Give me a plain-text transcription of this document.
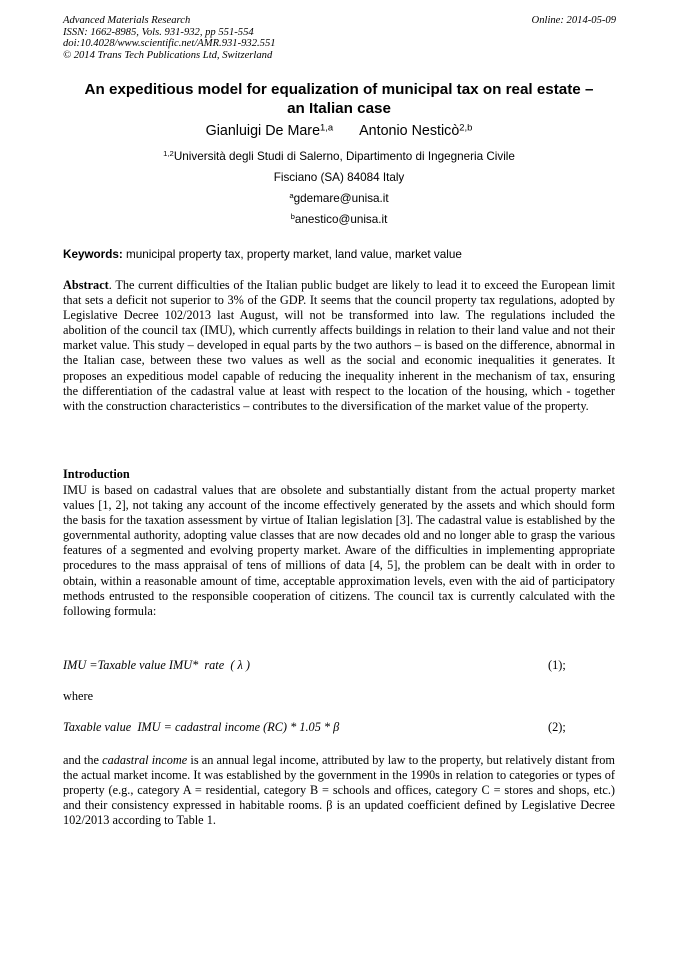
Advanced Materials Research
ISSN: 1662-8985, Vols. 931-932, pp 551-554
doi:10.4028/www.scientific.net/AMR.931-932.551
© 2014 Trans Tech Publications Ltd, Switzerland
Online: 2014-05-09
An expeditious model for equalization of municipal tax on real estate –
an Italian case
Gianluigi De Mare$^{1,a}$ Antonio Nesticò$^{2,b}$
$^{1,2}$Università degli Studi di Salerno, Dipartimento di Ingegneria Civile
Fisciano (SA) 84084 Italy
$^a$gdemare@unisa.it
$^b$anestico@unisa.it
Keywords: municipal property tax, property market, land value, market value
Abstract. The current difficulties of the Italian public budget are likely to lead it to exceed the European limit that sets a deficit not superior to 3% of the GDP. It seems that the council property tax regulations, adopted by Legislative Decree 102/2013 last August, will not be transformed into law. The regulations included the abolition of the council tax (IMU), which currently affects buildings in relation to their land value and not their market value. This study – developed in equal parts by the two authors – is based on the difference, abnormal in the Italian case, between these two values as well as the social and economic inequalities it generates. It proposes an expeditious model capable of reducing the inequality inherent in the mechanism of tax, ensuring the differentiation of the cadastral value at least with respect to the location of the housing, which - together with the construction characteristics – contributes to the diversification of the market value of the property.
Introduction
IMU is based on cadastral values that are obsolete and substantially distant from the actual property market values [1, 2], not taking any account of the income effectively generated by the assets and which should form the basis for the taxation assessment by virtue of Italian legislation [3]. The cadastral value is established by the governmental authority, adopting value classes that are now decades old and no longer able to grasp the various features of a segmented and evolving property market. Aware of the difficulties in implementing appropriate procedures to the mass appraisal of tens of millions of data [4, 5], the problem can be dealt with in order to obtain, within a reasonable amount of time, acceptable approximation levels, even with the aid of participatory methods entrusted to the responsible cooperation of citizens. The council tax is currently calculated with the following formula:
IMU =Taxable value IMU*  rate  ( λ )	(1);
where
Taxable value  IMU = cadastral income (RC) * 1.05 * β	(2);
and the cadastral income is an annual legal income, attributed by law to the property, but relatively distant from the actual market income. It was established by the government in the 1990s in relation to categories or types of property (e.g., category A = residential, category B = schools and offices, category C = stores and shops, etc.) and their consistency expressed in habitable rooms. β is an updated coefficient defined by Legislative Decree 102/2013 according to Table 1.
